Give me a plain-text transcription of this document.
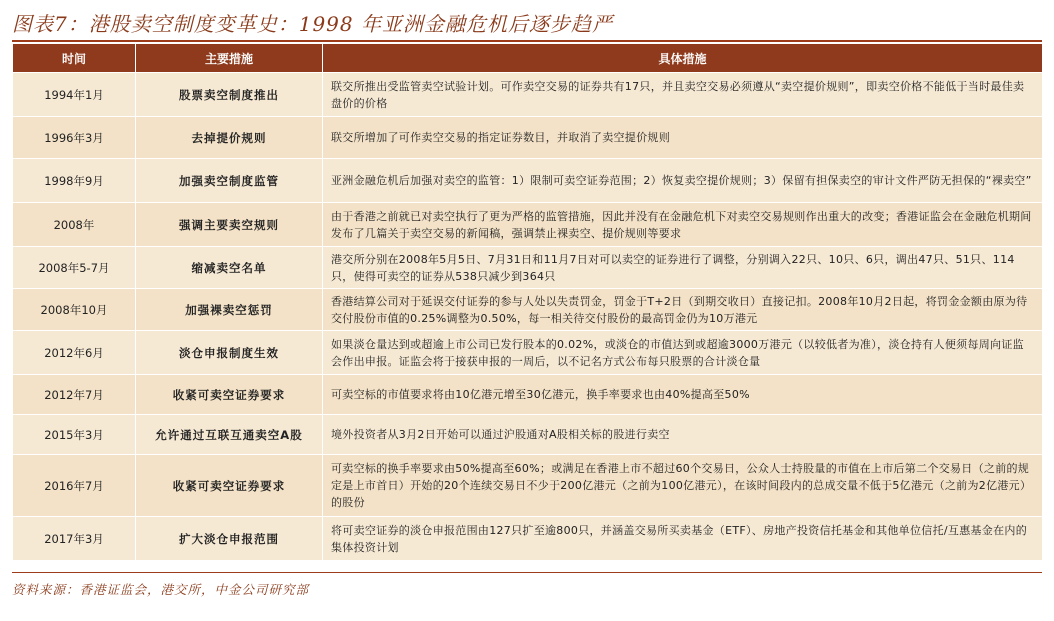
图表7：港股卖空制度变革史：1998 年亚洲金融危机后逐步趋严
时间	主要措施	具体措施
1994年1月	股票卖空制度推出	联交所推出受监管卖空试验计划。可作卖空交易的证券共有17只，并且卖空交易必须遵从“卖空提价规则”，即卖空价格不能低于当时最佳卖盘价的价格
1996年3月	去掉提价规则	联交所增加了可作卖空交易的指定证券数目，并取消了卖空提价规则
1998年9月	加强卖空制度监管	亚洲金融危机后加强对卖空的监管：1）限制可卖空证券范围；2）恢复卖空提价规则；3）保留有担保卖空的审计文件严防无担保的“裸卖空”
2008年	强调主要卖空规则	由于香港之前就已对卖空执行了更为严格的监管措施，因此并没有在金融危机下对卖空交易规则作出重大的改变；香港证监会在金融危机期间发布了几篇关于卖空交易的新闻稿，强调禁止裸卖空、提价规则等要求
2008年5-7月	缩减卖空名单	港交所分别在2008年5月5日、7月31日和11月7日对可以卖空的证券进行了调整，分别调入22只、10只、6只，调出47只、51只、114只，使得可卖空的证券从538只减少到364只
2008年10月	加强裸卖空惩罚	香港结算公司对于延误交付证券的参与人处以失责罚金，罚金于T+2日（到期交收日）直接记扣。2008年10月2日起，将罚金金额由原为待交付股份市值的0.25%调整为0.50%，每一相关待交付股份的最高罚金仍为10万港元
2012年6月	淡仓申报制度生效	如果淡仓量达到或超逾上市公司已发行股本的0.02%，或淡仓的市值达到或超逾3000万港元（以较低者为准），淡仓持有人便须每周向证监会作出申报。证监会将于接获申报的一周后，以不记名方式公布每只股票的合计淡仓量
2012年7月	收紧可卖空证券要求	可卖空标的市值要求将由10亿港元增至30亿港元，换手率要求也由40%提高至50%
2015年3月	允许通过互联互通卖空A股	境外投资者从3月2日开始可以通过沪股通对A股相关标的股进行卖空
2016年7月	收紧可卖空证券要求	可卖空标的换手率要求由50%提高至60%；或满足在香港上市不超过60个交易日，公众人士持股量的市值在上市后第二个交易日（之前的规定是上市首日）开始的20个连续交易日不少于200亿港元（之前为100亿港元），在该时间段内的总成交量不低于5亿港元（之前为2亿港元）的股份
2017年3月	扩大淡仓申报范围	将可卖空证券的淡仓申报范围由127只扩至逾800只，并涵盖交易所买卖基金（ETF）、房地产投资信托基金和其他单位信托/互惠基金在内的集体投资计划
资料来源：香港证监会，港交所，中金公司研究部
